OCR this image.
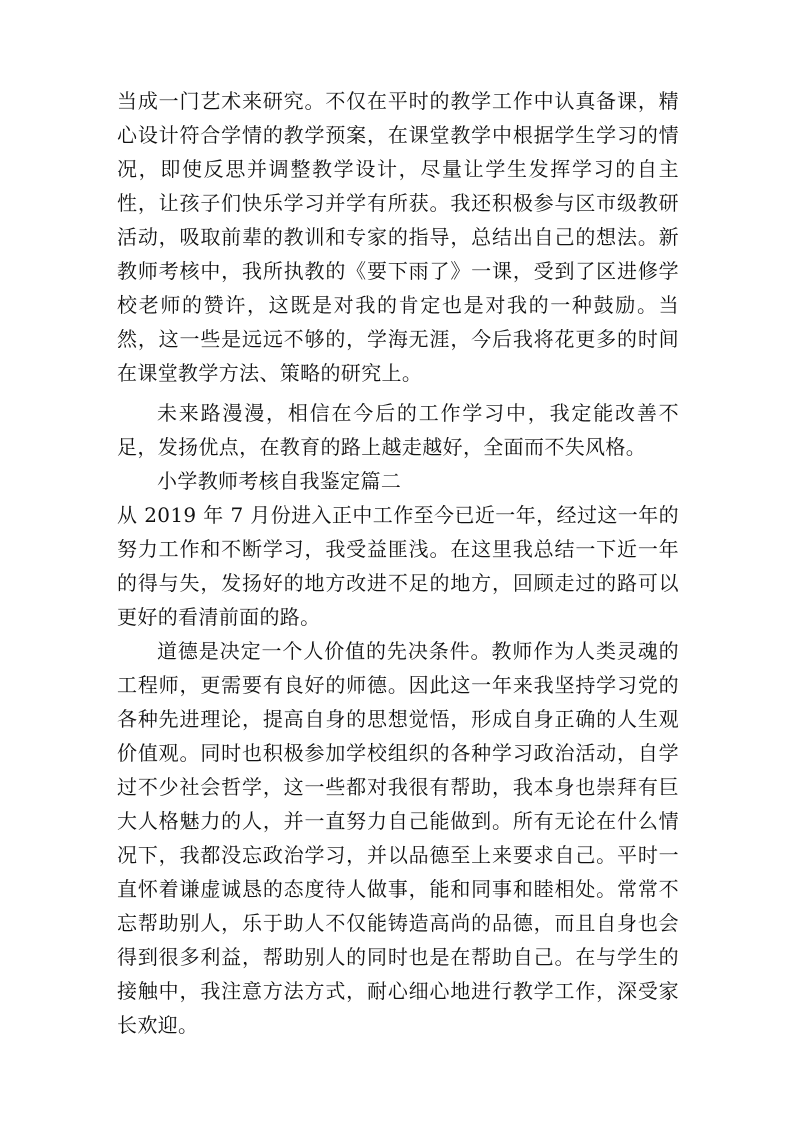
当成一门艺术来研究。不仅在平时的教学工作中认真备课，精心设计符合学情的教学预案，在课堂教学中根据学生学习的情况，即使反思并调整教学设计，尽量让学生发挥学习的自主性，让孩子们快乐学习并学有所获。我还积极参与区市级教研活动，吸取前辈的教训和专家的指导，总结出自己的想法。新教师考核中，我所执教的《要下雨了》一课，受到了区进修学校老师的赞许，这既是对我的肯定也是对我的一种鼓励。当然，这一些是远远不够的，学海无涯，今后我将花更多的时间在课堂教学方法、策略的研究上。

未来路漫漫，相信在今后的工作学习中，我定能改善不足，发扬优点，在教育的路上越走越好，全面而不失风格。

小学教师考核自我鉴定篇二

从 2019 年 7 月份进入正中工作至今已近一年，经过这一年的努力工作和不断学习，我受益匪浅。在这里我总结一下近一年的得与失，发扬好的地方改进不足的地方，回顾走过的路可以更好的看清前面的路。

道德是决定一个人价值的先决条件。教师作为人类灵魂的工程师，更需要有良好的师德。因此这一年来我坚持学习党的各种先进理论，提高自身的思想觉悟，形成自身正确的人生观价值观。同时也积极参加学校组织的各种学习政治活动，自学过不少社会哲学，这一些都对我很有帮助，我本身也崇拜有巨大人格魅力的人，并一直努力自己能做到。所有无论在什么情况下，我都没忘政治学习，并以品德至上来要求自己。平时一直怀着谦虚诚恳的态度待人做事，能和同事和睦相处。常常不忘帮助别人，乐于助人不仅能铸造高尚的品德，而且自身也会得到很多利益，帮助别人的同时也是在帮助自己。在与学生的接触中，我注意方法方式，耐心细心地进行教学工作，深受家长欢迎。
